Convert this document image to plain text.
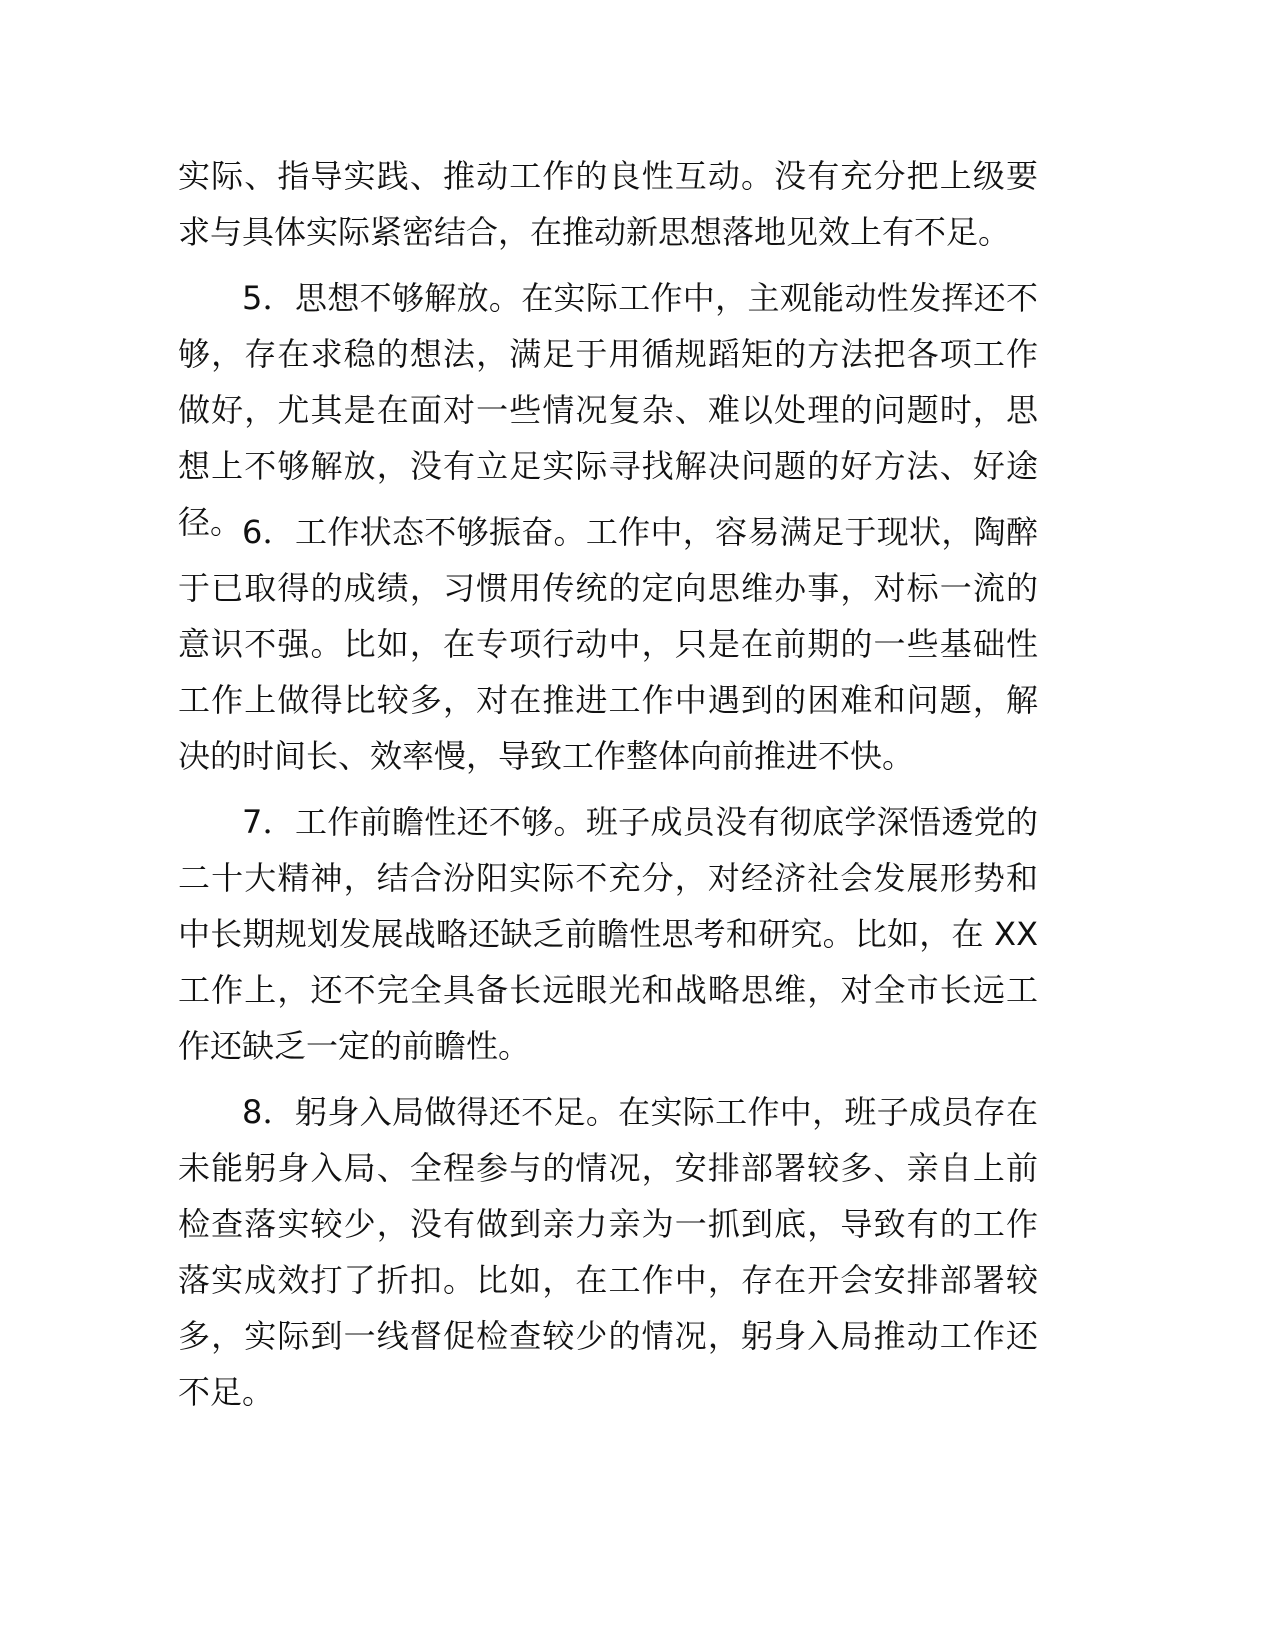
实际、指导实践、推动工作的良性互动。没有充分把上级要求与具体实际紧密结合，在推动新思想落地见效上有不足。

5．思想不够解放。在实际工作中，主观能动性发挥还不够，存在求稳的想法，满足于用循规蹈矩的方法把各项工作做好，尤其是在面对一些情况复杂、难以处理的问题时，思想上不够解放，没有立足实际寻找解决问题的好方法、好途径。 6．工作状态不够振奋。工作中，容易满足于现状，陶醉于已取得的成绩，习惯用传统的定向思维办事，对标一流的意识不强。比如，在专项行动中，只是在前期的一些基础性工作上做得比较多，对在推进工作中遇到的困难和问题，解决的时间长、效率慢，导致工作整体向前推进不快。

7．工作前瞻性还不够。班子成员没有彻底学深悟透党的二十大精神，结合汾阳实际不充分，对经济社会发展形势和中长期规划发展战略还缺乏前瞻性思考和研究。比如，在 XX 工作上，还不完全具备长远眼光和战略思维，对全市长远工作还缺乏一定的前瞻性。

8．躬身入局做得还不足。在实际工作中，班子成员存在未能躬身入局、全程参与的情况，安排部署较多、亲自上前检查落实较少，没有做到亲力亲为一抓到底，导致有的工作落实成效打了折扣。比如，在工作中，存在开会安排部署较多，实际到一线督促检查较少的情况，躬身入局推动工作还不足。
